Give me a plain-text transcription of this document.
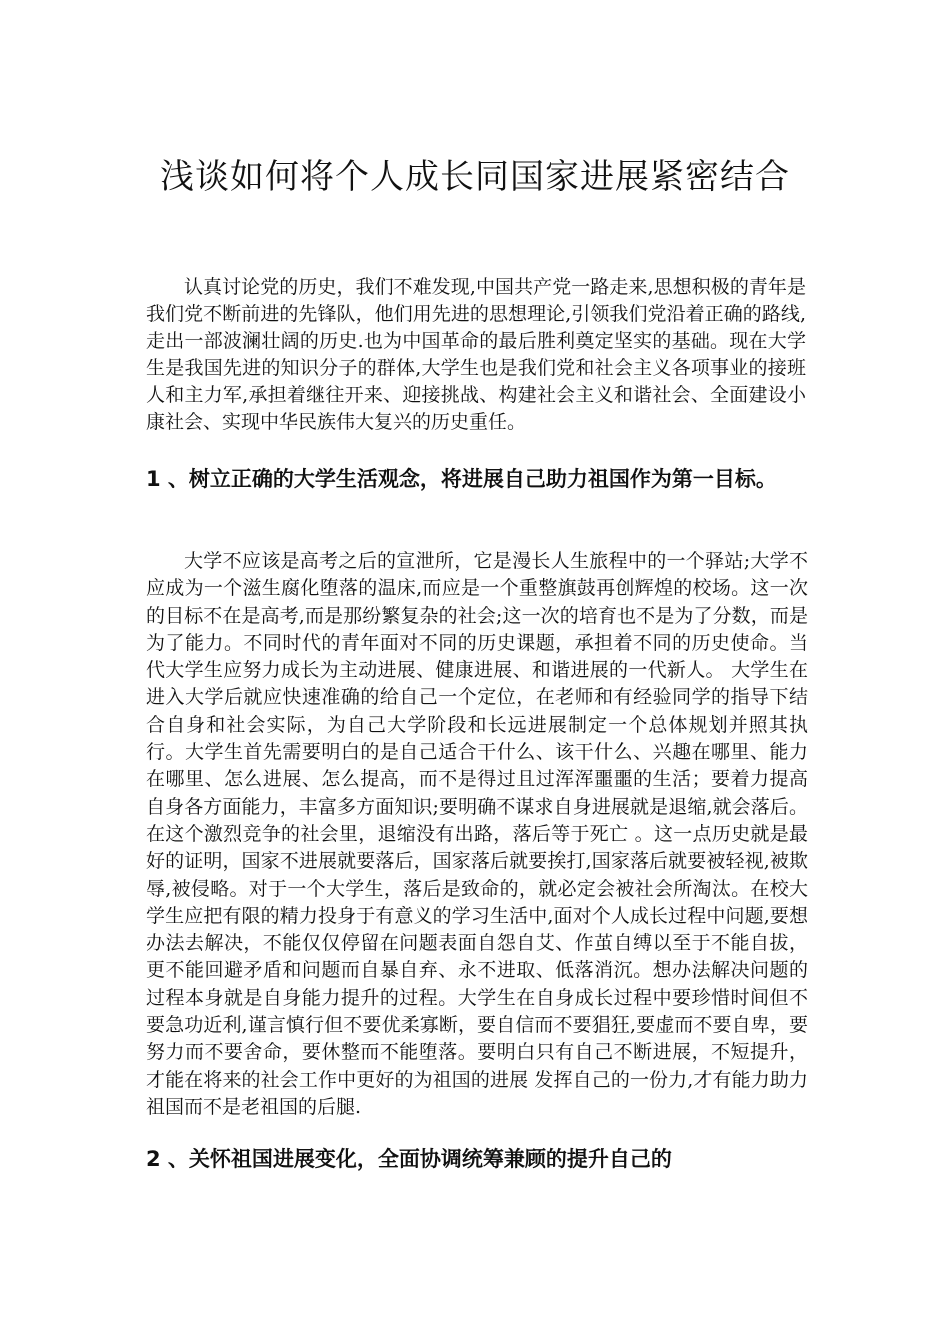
浅谈如何将个人成长同国家进展紧密结合

认真讨论党的历史，我们不难发现,中国共产党一路走来,思想积极的青年是我们党不断前进的先锋队，他们用先进的思想理论,引领我们党沿着正确的路线,走出一部波澜壮阔的历史.也为中国革命的最后胜利奠定坚实的基础。现在大学生是我国先进的知识分子的群体,大学生也是我们党和社会主义各项事业的接班人和主力军,承担着继往开来、迎接挑战、构建社会主义和谐社会、全面建设小康社会、实现中华民族伟大复兴的历史重任。

1 、树立正确的大学生活观念，将进展自己助力祖国作为第一目标。

大学不应该是高考之后的宣泄所，它是漫长人生旅程中的一个驿站;大学不应成为一个滋生腐化堕落的温床,而应是一个重整旗鼓再创辉煌的校场。这一次的目标不在是高考,而是那纷繁复杂的社会;这一次的培育也不是为了分数，而是为了能力。不同时代的青年面对不同的历史课题，承担着不同的历史使命。当代大学生应努力成长为主动进展、健康进展、和谐进展的一代新人。 大学生在进入大学后就应快速准确的给自己一个定位，在老师和有经验同学的指导下结合自身和社会实际，为自己大学阶段和长远进展制定一个总体规划并照其执行。大学生首先需要明白的是自己适合干什么、该干什么、兴趣在哪里、能力在哪里、怎么进展、怎么提高，而不是得过且过浑浑噩噩的生活；要着力提高自身各方面能力，丰富多方面知识;要明确不谋求自身进展就是退缩,就会落后。在这个激烈竞争的社会里，退缩没有出路，落后等于死亡 。这一点历史就是最好的证明，国家不进展就要落后，国家落后就要挨打,国家落后就要被轻视,被欺辱,被侵略。对于一个大学生，落后是致命的，就必定会被社会所淘汰。在校大学生应把有限的精力投身于有意义的学习生活中,面对个人成长过程中问题,要想办法去解决，不能仅仅停留在问题表面自怨自艾、作茧自缚以至于不能自拔，更不能回避矛盾和问题而自暴自弃、永不进取、低落消沉。想办法解决问题的过程本身就是自身能力提升的过程。大学生在自身成长过程中要珍惜时间但不要急功近利,谨言慎行但不要优柔寡断，要自信而不要猖狂,要虚而不要自卑，要努力而不要舍命，要休整而不能堕落。要明白只有自己不断进展，不短提升，才能在将来的社会工作中更好的为祖国的进展 发挥自己的一份力,才有能力助力祖国而不是老祖国的后腿.

2 、关怀祖国进展变化，全面协调统筹兼顾的提升自己的
